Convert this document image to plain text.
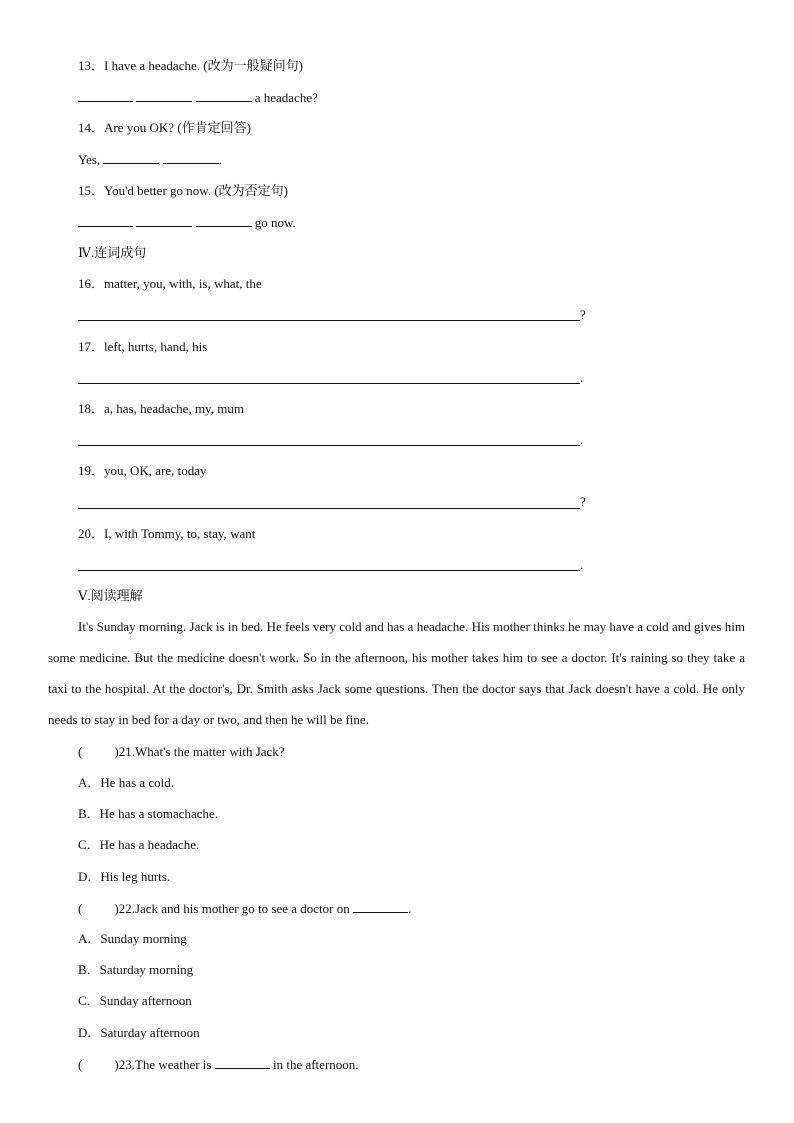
13．I have a headache. (改为一般疑问句)
a headache?
14．Are you OK? (作肯定回答)
Yes,	.
15．You'd better go now. (改为否定句)
go now.
Ⅳ.连词成句
16．matter, you, with, is, what, the
?
17．left, hurts, hand, his
.
18．a, has, headache, my, mum
.
19．you, OK, are, today
?
20．I, with Tommy, to, stay, want
.
Ⅴ.阅读理解

It's Sunday morning. Jack is in bed. He feels very cold and has a headache. His mother thinks he may have a cold and gives him some medicine. But the medicine doesn't work. So in the afternoon, his mother takes him to see a doctor. It's raining so they take a taxi to the hospital. At the doctor's, Dr. Smith asks Jack some questions. Then the doctor says that Jack doesn't have a cold. He only needs to stay in bed for a day or two, and then he will be fine.

( )21.What's the matter with Jack?
A．He has a cold.
B．He has a stomachache.
C．He has a headache.
D．His leg hurts.
( )22.Jack and his mother go to see a doctor on	.
A．Sunday morning
B．Saturday morning
C．Sunday afternoon
D．Saturday afternoon
( )23.The weather is	in the afternoon.
